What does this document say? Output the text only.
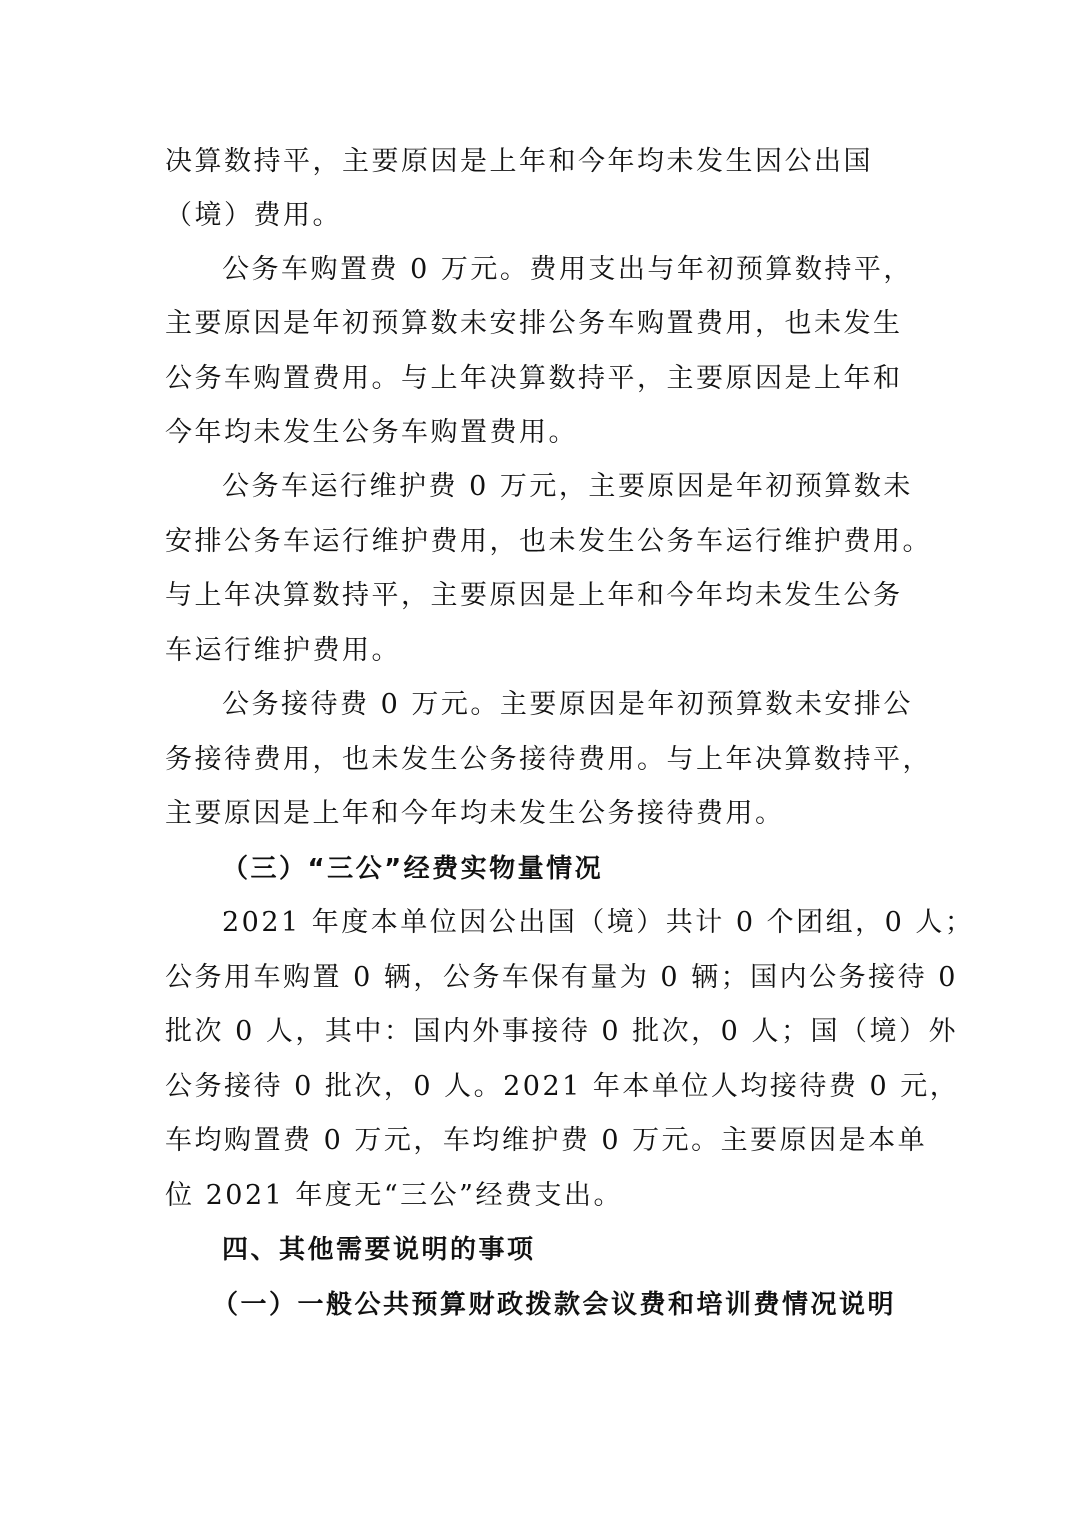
决算数持平，主要原因是上年和今年均未发生因公出国
（境）费用。
公务车购置费 0 万元。费用支出与年初预算数持平，
主要原因是年初预算数未安排公务车购置费用，也未发生
公务车购置费用。与上年决算数持平，主要原因是上年和
今年均未发生公务车购置费用。
公务车运行维护费 0 万元，主要原因是年初预算数未
安排公务车运行维护费用，也未发生公务车运行维护费用。
与上年决算数持平，主要原因是上年和今年均未发生公务
车运行维护费用。
公务接待费 0 万元。主要原因是年初预算数未安排公
务接待费用，也未发生公务接待费用。与上年决算数持平，
主要原因是上年和今年均未发生公务接待费用。
（三）“三公”经费实物量情况
2021 年度本单位因公出国（境）共计 0 个团组，0 人；
公务用车购置 0 辆，公务车保有量为 0 辆；国内公务接待 0
批次 0 人，其中：国内外事接待 0 批次，0 人；国（境）外
公务接待 0 批次，0 人。2021 年本单位人均接待费 0 元，
车均购置费 0 万元，车均维护费 0 万元。主要原因是本单
位 2021 年度无“三公”经费支出。
四、其他需要说明的事项
（一）一般公共预算财政拨款会议费和培训费情况说明
